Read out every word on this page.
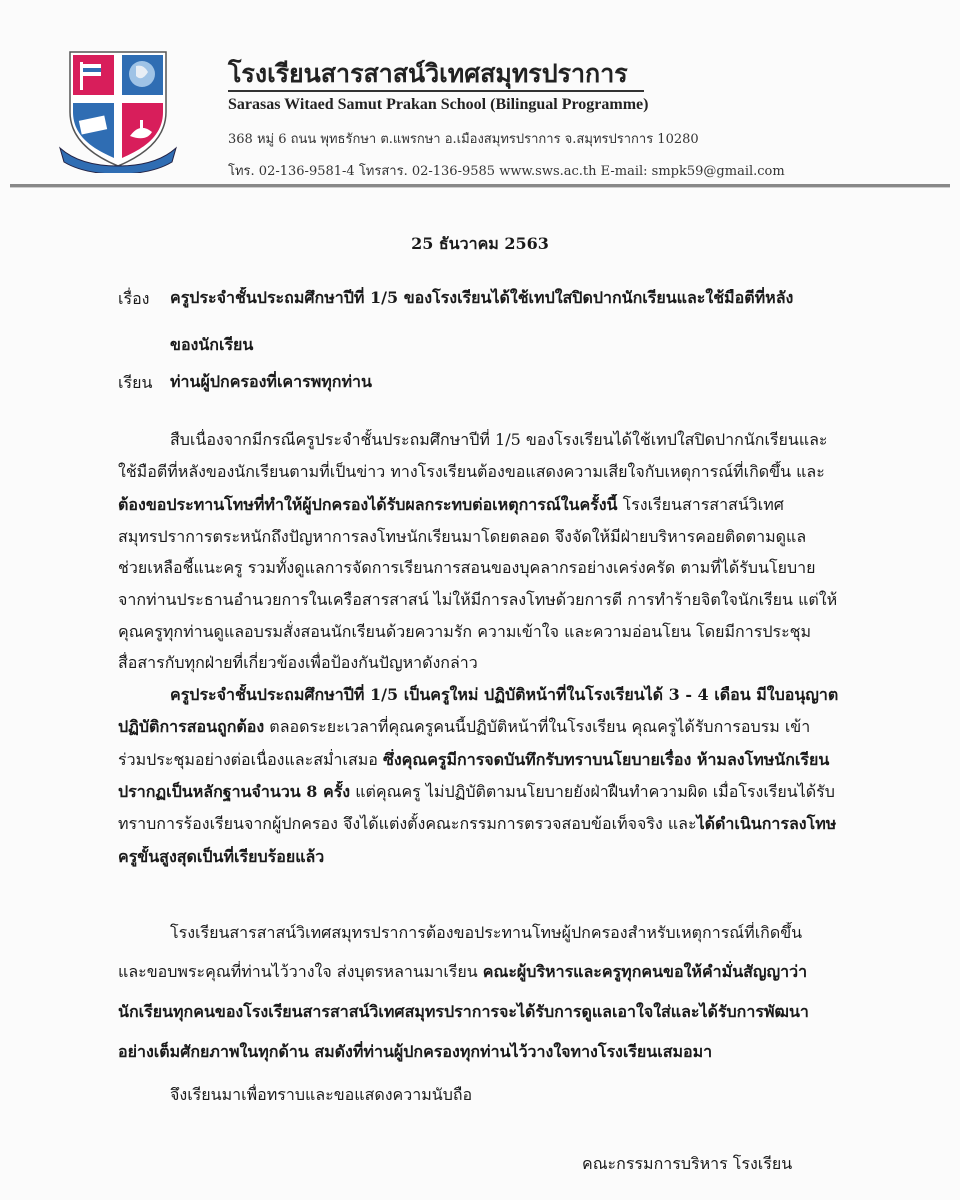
โรงเรียนสารสาสน์วิเทศสมุทรปราการ
Sarasas Witaed Samut Prakan School (Bilingual Programme)
368 หมู่ 6 ถนน พุทธรักษา ต.แพรกษา อ.เมืองสมุทรปราการ จ.สมุทรปราการ 10280
โทร. 02-136-9581-4 โทรสาร. 02-136-9585 www.sws.ac.th E-mail: smpk59@gmail.com
25 ธันวาคม 2563
เรื่อง ครูประจำชั้นประถมศึกษาปีที่ 1/5 ของโรงเรียนได้ใช้เทปใสปิดปากนักเรียนและใช้มือตีที่หลัง
ของนักเรียน
เรียน ท่านผู้ปกครองที่เคารพทุกท่าน
สืบเนื่องจากมีกรณีครูประจำชั้นประถมศึกษาปีที่ 1/5 ของโรงเรียนได้ใช้เทปใสปิดปากนักเรียนและ
ใช้มือตีที่หลังของนักเรียนตามที่เป็นข่าว ทางโรงเรียนต้องขอแสดงความเสียใจกับเหตุการณ์ที่เกิดขึ้น และ
ต้องขอประทานโทษที่ทำให้ผู้ปกครองได้รับผลกระทบต่อเหตุการณ์ในครั้งนี้ โรงเรียนสารสาสน์วิเทศ
สมุทรปราการตระหนักถึงปัญหาการลงโทษนักเรียนมาโดยตลอด จึงจัดให้มีฝ่ายบริหารคอยติดตามดูแล
ช่วยเหลือชี้แนะครู รวมทั้งดูแลการจัดการเรียนการสอนของบุคลากรอย่างเคร่งครัด ตามที่ได้รับนโยบาย
จากท่านประธานอำนวยการในเครือสารสาสน์ ไม่ให้มีการลงโทษด้วยการตี การทำร้ายจิตใจนักเรียน แต่ให้
คุณครูทุกท่านดูแลอบรมสั่งสอนนักเรียนด้วยความรัก ความเข้าใจ และความอ่อนโยน โดยมีการประชุม
สื่อสารกับทุกฝ่ายที่เกี่ยวข้องเพื่อป้องกันปัญหาดังกล่าว
ครูประจำชั้นประถมศึกษาปีที่ 1/5 เป็นครูใหม่ ปฏิบัติหน้าที่ในโรงเรียนได้ 3 - 4 เดือน มีใบอนุญาต
ปฏิบัติการสอนถูกต้อง ตลอดระยะเวลาที่คุณครูคนนี้ปฏิบัติหน้าที่ในโรงเรียน คุณครูได้รับการอบรม เข้า
ร่วมประชุมอย่างต่อเนื่องและสม่ำเสมอ ซึ่งคุณครูมีการจดบันทึกรับทราบนโยบายเรื่อง ห้ามลงโทษนักเรียน
ปรากฏเป็นหลักฐานจำนวน 8 ครั้ง แต่คุณครู ไม่ปฏิบัติตามนโยบายยังฝ่าฝืนทำความผิด เมื่อโรงเรียนได้รับ
ทราบการร้องเรียนจากผู้ปกครอง จึงได้แต่งตั้งคณะกรรมการตรวจสอบข้อเท็จจริง และได้ดำเนินการลงโทษ
ครูขั้นสูงสุดเป็นที่เรียบร้อยแล้ว
โรงเรียนสารสาสน์วิเทศสมุทรปราการต้องขอประทานโทษผู้ปกครองสำหรับเหตุการณ์ที่เกิดขึ้น
และขอบพระคุณที่ท่านไว้วางใจ ส่งบุตรหลานมาเรียน คณะผู้บริหารและครูทุกคนขอให้คำมั่นสัญญาว่า
นักเรียนทุกคนของโรงเรียนสารสาสน์วิเทศสมุทรปราการจะได้รับการดูแลเอาใจใส่และได้รับการพัฒนา
อย่างเต็มศักยภาพในทุกด้าน สมดังที่ท่านผู้ปกครองทุกท่านไว้วางใจทางโรงเรียนเสมอมา
จึงเรียนมาเพื่อทราบและขอแสดงความนับถือ
คณะกรรมการบริหาร โรงเรียน
